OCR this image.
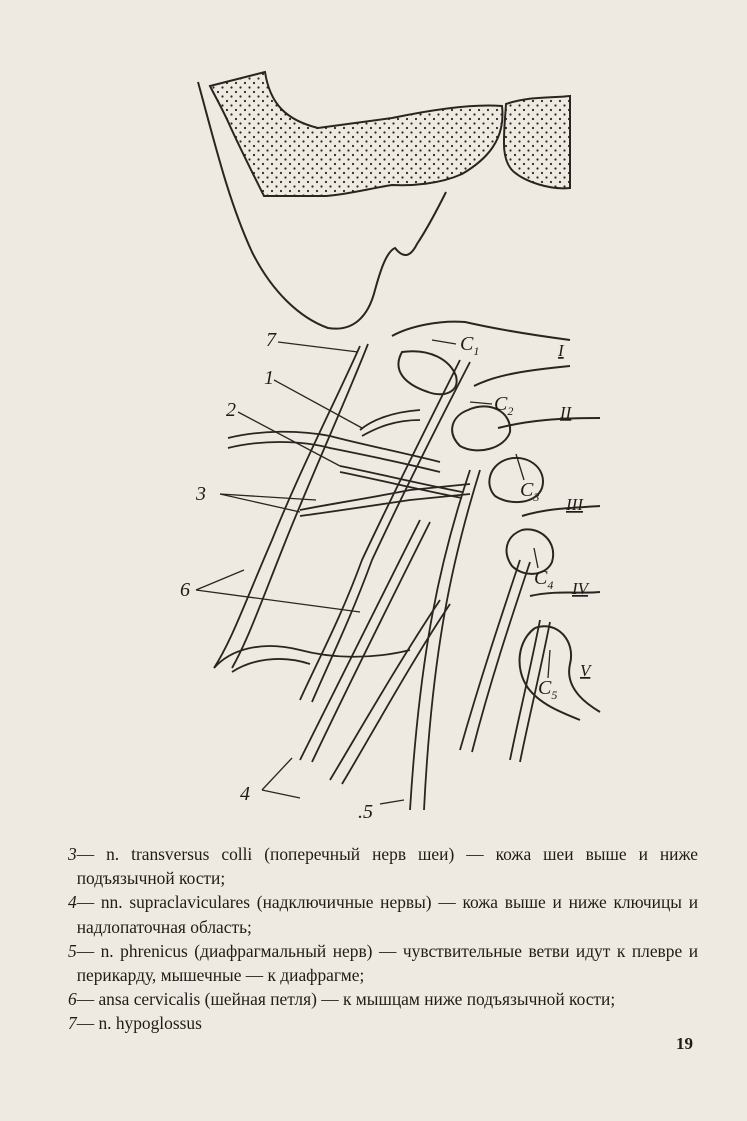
7
1
2
3
6
4
.5
$C_1$
$C_2$
$C_3$
$C_4$
$C_5$
I
II
III
IV
V
3 — n. transversus colli (поперечный нерв шеи) — кожа шеи выше и ниже подъязычной кости;
4 — nn. supraclaviculares (надключичные нервы) — кожа выше и ниже ключицы и надлопаточная область;
5 — n. phrenicus (диафрагмальный нерв) — чувствительные ветви идут к плевре и перикарду, мышечные — к диафрагме;
6 — ansa cervicalis (шейная петля) — к мышцам ниже подъязычной кости;
7 — n. hypoglossus
19
